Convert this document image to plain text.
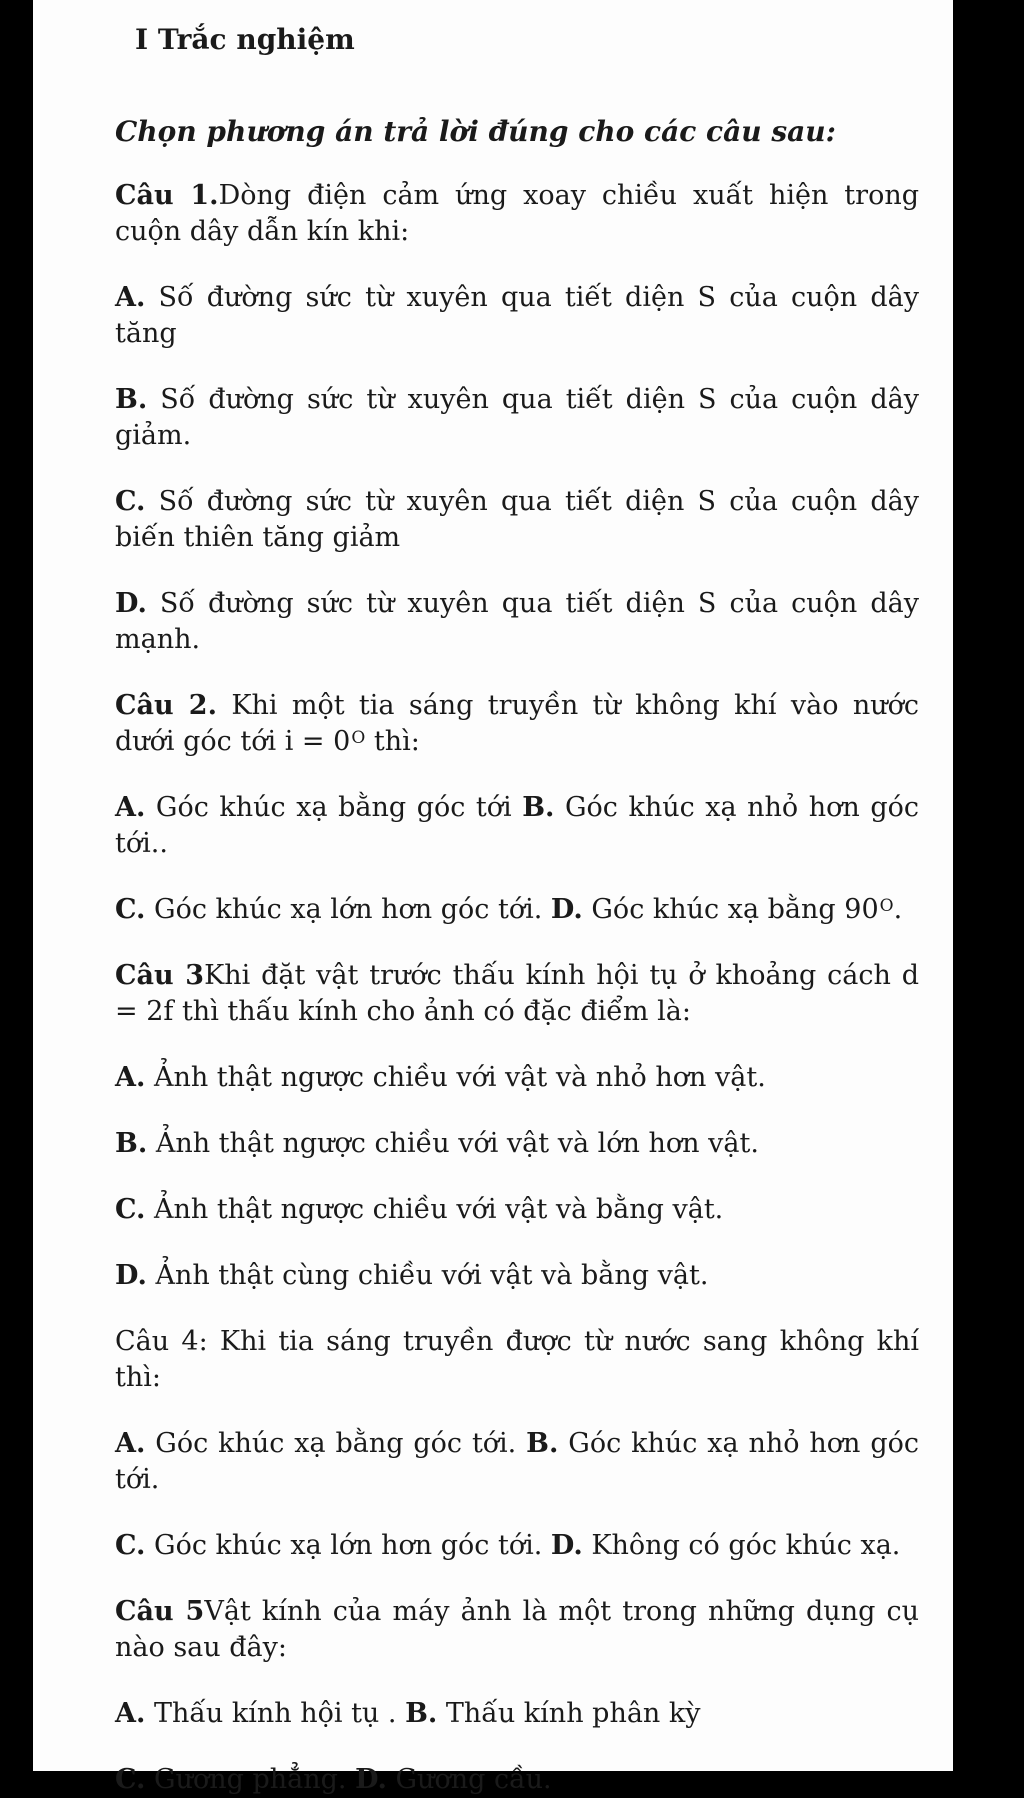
I Trắc nghiệm
Chọn phương án trả lời đúng cho các câu sau:
Câu 1.Dòng điện cảm ứng xoay chiều xuất hiện trong cuộn dây dẫn kín khi:
A. Số đường sức từ xuyên qua tiết diện S của cuộn dây tăng
B. Số đường sức từ xuyên qua tiết diện S của cuộn dây giảm.
C. Số đường sức từ xuyên qua tiết diện S của cuộn dây biến thiên tăng giảm
D. Số đường sức từ xuyên qua tiết diện S của cuộn dây mạnh.
Câu 2. Khi một tia sáng truyền từ không khí vào nước dưới góc tới $i = 0^O$ thì:
A. Góc khúc xạ bằng góc tới B. Góc khúc xạ nhỏ hơn góc tới..
C. Góc khúc xạ lớn hơn góc tới. D. Góc khúc xạ bằng $90^O$.
Câu 3Khi đặt vật trước thấu kính hội tụ ở khoảng cách d = 2f thì thấu kính cho ảnh có đặc điểm là:
A. Ảnh thật ngược chiều với vật và nhỏ hơn vật.
B. Ảnh thật ngược chiều với vật và lớn hơn vật.
C. Ảnh thật ngược chiều với vật và bằng vật.
D. Ảnh thật cùng chiều với vật và bằng vật.
Câu 4: Khi tia sáng truyền được từ nước sang không khí thì:
A. Góc khúc xạ bằng góc tới. B. Góc khúc xạ nhỏ hơn góc tới.
C. Góc khúc xạ lớn hơn góc tới. D. Không có góc khúc xạ.
Câu 5Vật kính của máy ảnh là một trong những dụng cụ nào sau đây:
A. Thấu kính hội tụ . B. Thấu kính phân kỳ
C. Gương phẳng. D. Gương cầu.
